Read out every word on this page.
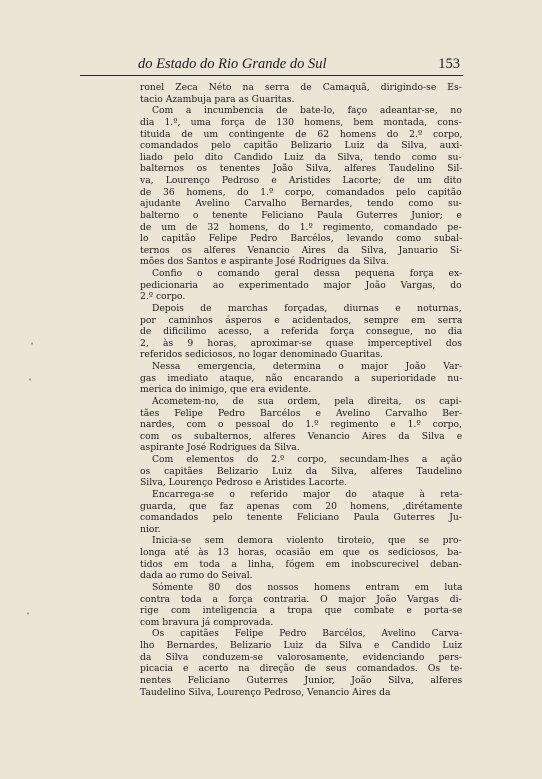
do Estado do Rio Grande do Sul	153
ronel Zeca Néto na serra de Camaquã, dirigindo-se Es-
tacio Azambuja para as Guaritas.
Com a incumbencia de bate-lo, faço adeantar-se, no
dia 1.º, uma força de 130 homens, bem montada, cons-
tituida de um contingente de 62 homens do 2.º corpo,
comandados pelo capitão Belizario Luiz da Silva, auxi-
liado pelo dito Candido Luiz da Silva, tendo como su-
balternos os tenentes João Silva, alferes Taudelino Sil-
va, Lourenço Pedroso e Aristides Lacorte; de um dito
de 36 homens, do 1.º corpo, comandados pelo capitão
ajudante Avelino Carvalho Bernardes, tendo como su-
balterno o tenente Feliciano Paula Guterres Junior; e
de um de 32 homens, do 1.º regimento, comandado pe-
lo capitão Felipe Pedro Barcélos, levando como subal-
ternos os alferes Venancio Aires da Silva, Januario Si-
mões dos Santos e aspirante José Rodrigues da Silva.
Confio o comando geral dessa pequena força ex-
pedicionaria ao experimentado major João Vargas, do
2.º corpo.
Depois de marchas forçadas, diurnas e noturnas,
por caminhos ásperos e acidentados, sempre em serra
de dificilimo acesso, a referida força consegue, no dia
2, às 9 horas, aproximar-se quase imperceptivel dos
referidos sediciosos, no logar denominado Guaritas.
Nessa emergencia, determina o major João Var-
gas imediato ataque, não encarando a superioridade nu-
merica do inimigo, que era evidente.
Acometem-no, de sua ordem, pela direita, os capi-
tães Felipe Pedro Barcélos e Avelino Carvalho Ber-
nardes, com o pessoal do 1.º regimento e 1.º corpo,
com os subalternos, alferes Venancio Aires da Silva e
aspirante José Rodrigues da Silva.
Com elementos do 2.º corpo, secundam-lhes a ação
os capitães Belizario Luiz da Silva, alferes Taudelino
Silva, Lourenço Pedroso e Aristides Lacorte.
Encarrega-se o referido major do ataque à reta-
guarda, que faz apenas com 20 homens, ,dirétamente
comandados pelo tenente Feliciano Paula Guterres Ju-
nior.
Inicia-se sem demora violento tiroteio, que se pro-
longa até às 13 horas, ocasião em que os sediciosos, ba-
tidos em toda a linha, fógem em inobscurecivel deban-
dada ao rumo do Seival.
Sómente 80 dos nossos homens entram em luta
contra toda a força contraria. O major João Vargas di-
rige com inteligencia a tropa que combate e porta-se
com bravura já comprovada.
Os capitães Felipe Pedro Barcélos, Avelino Carva-
lho Bernardes, Belizario Luiz da Silva e Candido Luiz
da Silva conduzem-se valorosamente, evidenciando pers-
picacia e acerto na direção de seus comandados. Os te-
nentes Feliciano Guterres Junior, João Silva, alferes
Taudelino Silva, Lourenço Pedroso, Venancio Aires da
•
•
•
